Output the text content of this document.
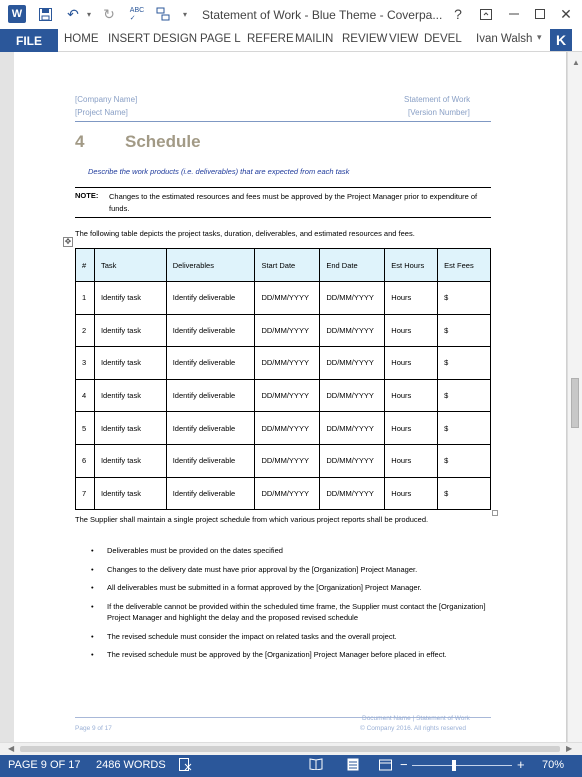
W	↶	▾ ↻	ABC
✓	▾	Statement of Work - Blue Theme - Coverpa... ?	✕
FILE	HOME INSERT DESIGN PAGE L REFERE MAILIN REVIEW VIEW DEVEL Ivan Walsh ▾	K
[Company Name]
[Project Name]
Statement of Work
[Version Number]
4 Schedule
Describe the work products (i.e. deliverables) that are expected from each task
NOTE: Changes to the estimated resources and fees must be approved by the Project Manager prior to expenditure of funds.
The following table depicts the project tasks, duration, deliverables, and estimated resources and fees.
✥
#	Task	Deliverables	Start Date	End Date	Est Hours	Est Fees
1	Identify task	Identify deliverable	DD/MM/YYYY	DD/MM/YYYY	Hours	$
2	Identify task	Identify deliverable	DD/MM/YYYY	DD/MM/YYYY	Hours	$
3	Identify task	Identify deliverable	DD/MM/YYYY	DD/MM/YYYY	Hours	$
4	Identify task	Identify deliverable	DD/MM/YYYY	DD/MM/YYYY	Hours	$
5	Identify task	Identify deliverable	DD/MM/YYYY	DD/MM/YYYY	Hours	$
6	Identify task	Identify deliverable	DD/MM/YYYY	DD/MM/YYYY	Hours	$
7	Identify task	Identify deliverable	DD/MM/YYYY	DD/MM/YYYY	Hours	$
The Supplier shall maintain a single project schedule from which various project reports shall be produced.
• Deliverables must be provided on the dates specified
• Changes to the delivery date must have prior approval by the [Organization] Project Manager.
• All deliverables must be submitted in a format approved by the [Organization] Project Manager.
• If the deliverable cannot be provided within the scheduled time frame, the Supplier must contact the [Organization] Project Manager and highlight the delay and the proposed revised schedule
• The revised schedule must consider the impact on related tasks and the overall project.
• The revised schedule must be approved by the [Organization] Project Manager before placed in effect.
Page 9 of 17
Document Name | Statement of Work
© Company 2016. All rights reserved
▲
◀	▶
PAGE 9 OF 17 2486 WORDS	−	+ 70%
